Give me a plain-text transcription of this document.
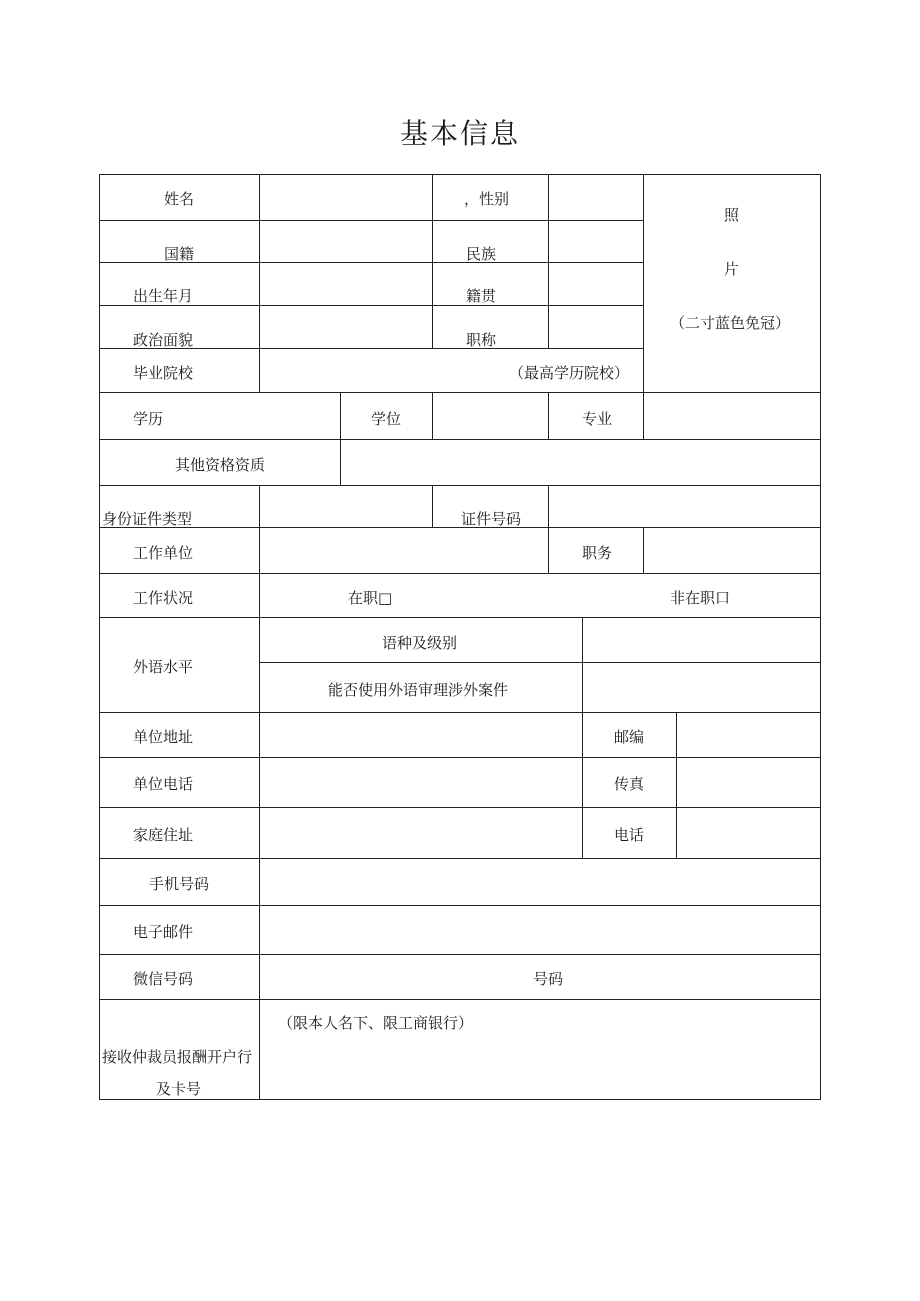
基本信息
姓名	，性别
国籍	民族
出生年月	籍贯
政治面貌	职称
照
片
（二寸蓝色免冠）
毕业院校	（最高学历院校）
学历	学位	专业
其他资格资质
身份证件类型	证件号码
工作单位	职务
工作状况	在职□	非在职口
外语水平
语种及级别
能否使用外语审理涉外案件
单位地址	邮编
单位电话	传真
家庭住址	电话
手机号码
电子邮件
微信号码	号码
接收仲裁员报酬开户行
及卡号
（限本人名下、限工商银行）
